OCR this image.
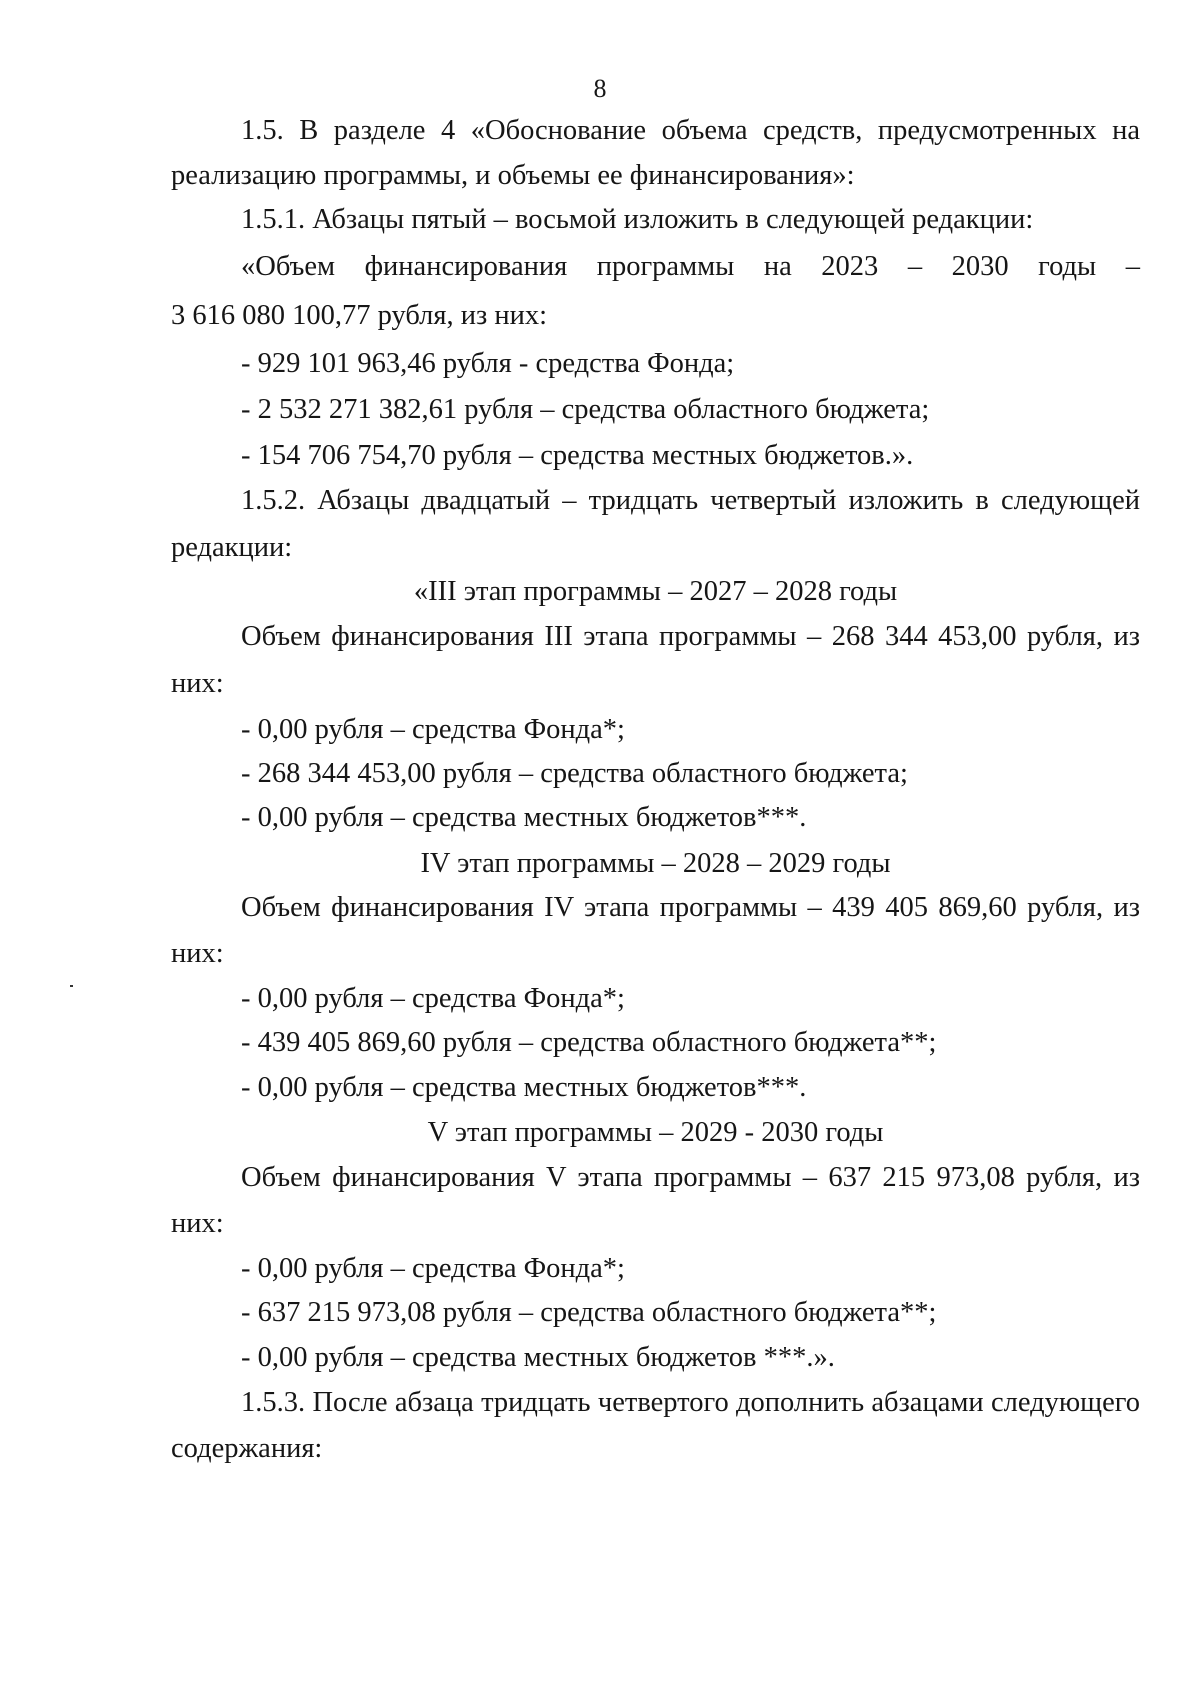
8
1.5. В разделе 4 «Обоснование объема средств, предусмотренных на
реализацию программы, и объемы ее финансирования»:
1.5.1. Абзацы пятый – восьмой изложить в следующей редакции:
«Объем финансирования программы на 2023 – 2030 годы –
3 616 080 100,77 рубля, из них:
- 929 101 963,46 рубля - средства Фонда;
- 2 532 271 382,61 рубля – средства областного бюджета;
- 154 706 754,70 рубля – средства местных бюджетов.».
1.5.2. Абзацы двадцатый – тридцать четвертый изложить в следующей
редакции:
«III этап программы – 2027 – 2028 годы
Объем финансирования III этапа программы – 268 344 453,00 рубля, из
них:
- 0,00 рубля – средства Фонда*;
- 268 344 453,00 рубля – средства областного бюджета;
- 0,00 рубля – средства местных бюджетов***.
IV этап программы – 2028 – 2029 годы
Объем финансирования IV этапа программы – 439 405 869,60 рубля, из
них:
- 0,00 рубля – средства Фонда*;
- 439 405 869,60 рубля – средства областного бюджета**;
- 0,00 рубля – средства местных бюджетов***.
V этап программы – 2029 - 2030 годы
Объем финансирования V этапа программы – 637 215 973,08 рубля, из
них:
- 0,00 рубля – средства Фонда*;
- 637 215 973,08 рубля – средства областного бюджета**;
- 0,00 рубля – средства местных бюджетов ***.».
1.5.3. После абзаца тридцать четвертого дополнить абзацами следующего
содержания:
